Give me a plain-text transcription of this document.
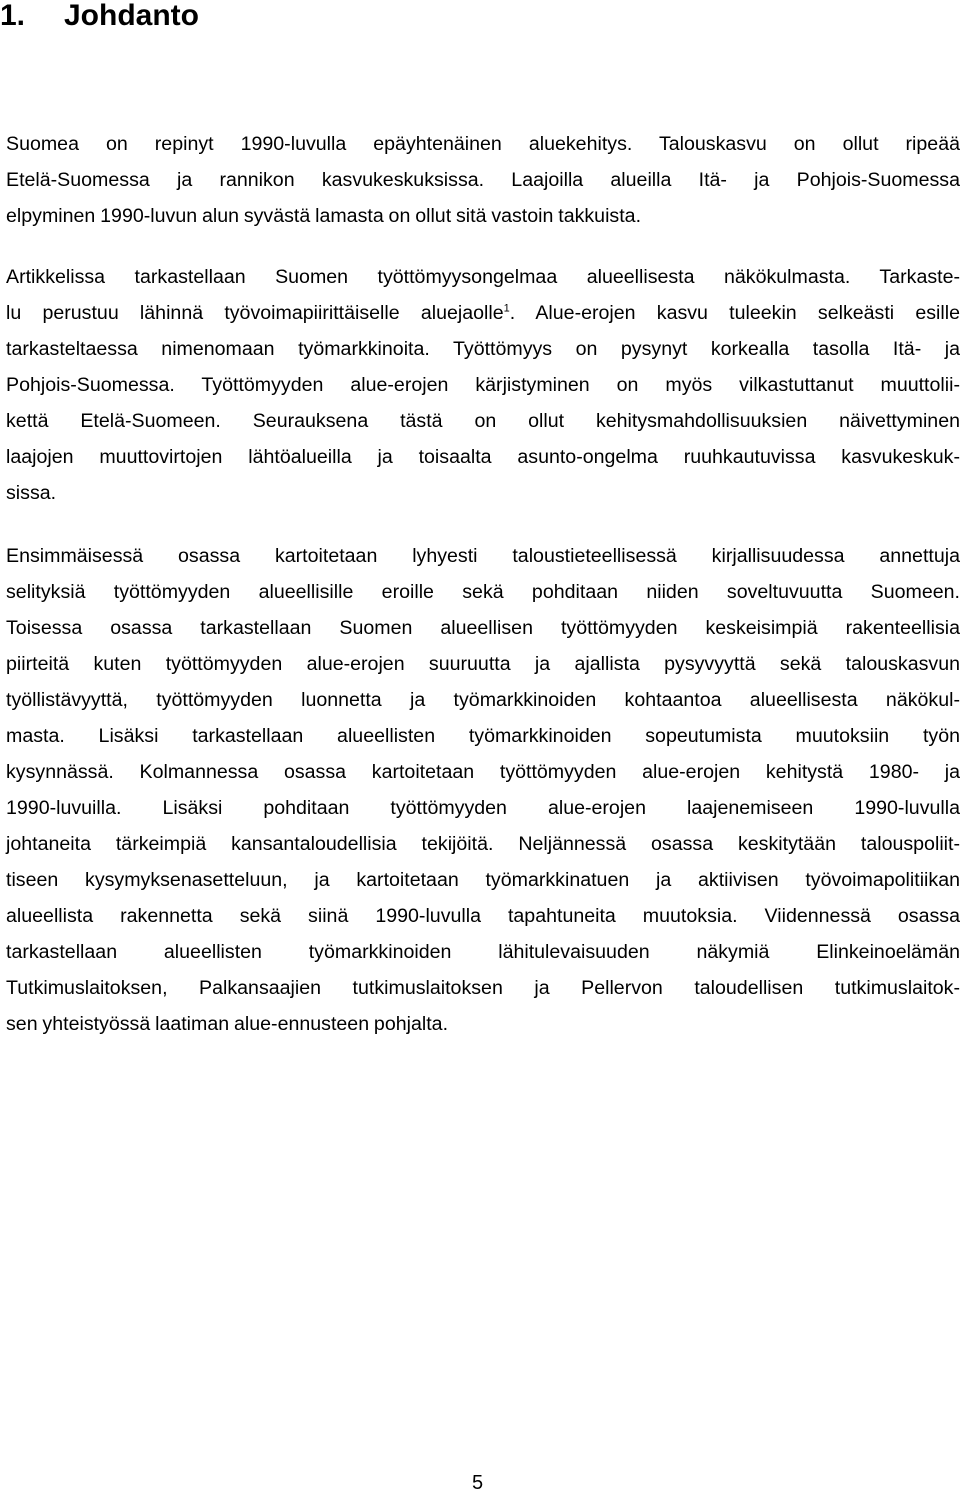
1. Johdanto
Suomea on repinyt 1990-luvulla epäyhtenäinen aluekehitys. Talouskasvu on ollut ripeää
Etelä-Suomessa ja rannikon kasvukeskuksissa. Laajoilla alueilla Itä- ja Pohjois-Suomessa
elpyminen 1990-luvun alun syvästä lamasta on ollut sitä vastoin takkuista.
Artikkelissa tarkastellaan Suomen työttömyysongelmaa alueellisesta näkökulmasta. Tarkaste-
lu perustuu lähinnä työvoimapiirittäiselle aluejaolle$^1$. Alue-erojen kasvu tuleekin selkeästi esille
tarkasteltaessa nimenomaan työmarkkinoita. Työttömyys on pysynyt korkealla tasolla Itä- ja
Pohjois-Suomessa. Työttömyyden alue-erojen kärjistyminen on myös vilkastuttanut muuttolii-
kettä Etelä-Suomeen. Seurauksena tästä on ollut kehitysmahdollisuuksien näivettyminen
laajojen muuttovirtojen lähtöalueilla ja toisaalta asunto-ongelma ruuhkautuvissa kasvukeskuk-
sissa.
Ensimmäisessä osassa kartoitetaan lyhyesti taloustieteellisessä kirjallisuudessa annettuja
selityksiä työttömyyden alueellisille eroille sekä pohditaan niiden soveltuvuutta Suomeen.
Toisessa osassa tarkastellaan Suomen alueellisen työttömyyden keskeisimpiä rakenteellisia
piirteitä kuten työttömyyden alue-erojen suuruutta ja ajallista pysyvyyttä sekä talouskasvun
työllistävyyttä, työttömyyden luonnetta ja työmarkkinoiden kohtaantoa alueellisesta näkökul-
masta. Lisäksi tarkastellaan alueellisten työmarkkinoiden sopeutumista muutoksiin työn
kysynnässä. Kolmannessa osassa kartoitetaan työttömyyden alue-erojen kehitystä 1980- ja
1990-luvuilla. Lisäksi pohditaan työttömyyden alue-erojen laajenemiseen 1990-luvulla
johtaneita tärkeimpiä kansantaloudellisia tekijöitä. Neljännessä osassa keskitytään talouspoliit-
tiseen kysymyksenasetteluun, ja kartoitetaan työmarkkinatuen ja aktiivisen työvoimapolitiikan
alueellista rakennetta sekä siinä 1990-luvulla tapahtuneita muutoksia. Viidennessä osassa
tarkastellaan alueellisten työmarkkinoiden lähitulevaisuuden näkymiä Elinkeinoelämän
Tutkimuslaitoksen, Palkansaajien tutkimuslaitoksen ja Pellervon taloudellisen tutkimuslaitok-
sen yhteistyössä laatiman alue-ennusteen pohjalta.
5
